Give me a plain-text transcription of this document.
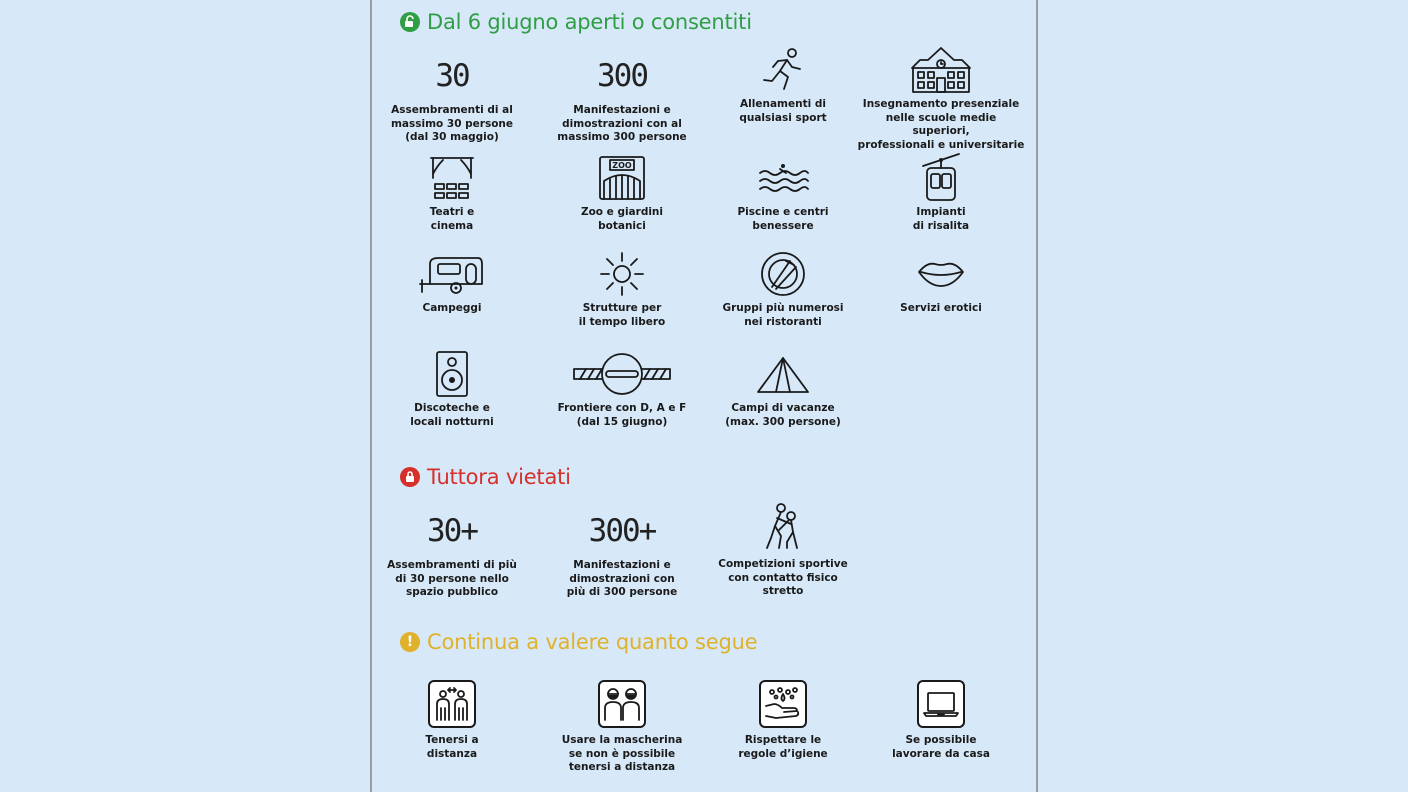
Dal 6 giugno aperti o consentiti
30
Assembramenti di al
massimo 30 persone
(dal 30 maggio)
300
Manifestazioni e
dimostrazioni con al
massimo 300 persone
Allenamenti di
qualsiasi sport
Insegnamento presenziale
nelle scuole medie superiori,
professionali e universitarie
Teatri e
cinema
ZOO
Zoo e giardini
botanici
Piscine e centri
benessere
Impianti
di risalita
Campeggi	Strutture per
il tempo libero
Gruppi più numerosi
nei ristoranti
Servizi erotici
Discoteche e
locali notturni
Frontiere con D, A e F
(dal 15 giugno)
Campi di vacanze
(max. 300 persone)
Tuttora vietati
30+
Assembramenti di più
di 30 persone nello
spazio pubblico
300+
Manifestazioni e
dimostrazioni con
più di 300 persone
Competizioni sportive
con contatto fisico
stretto
! Continua a valere quanto segue
Tenersi a
distanza
Usare la mascherina
se non è possibile
tenersi a distanza
Rispettare le
regole d’igiene
Se possibile
lavorare da casa
